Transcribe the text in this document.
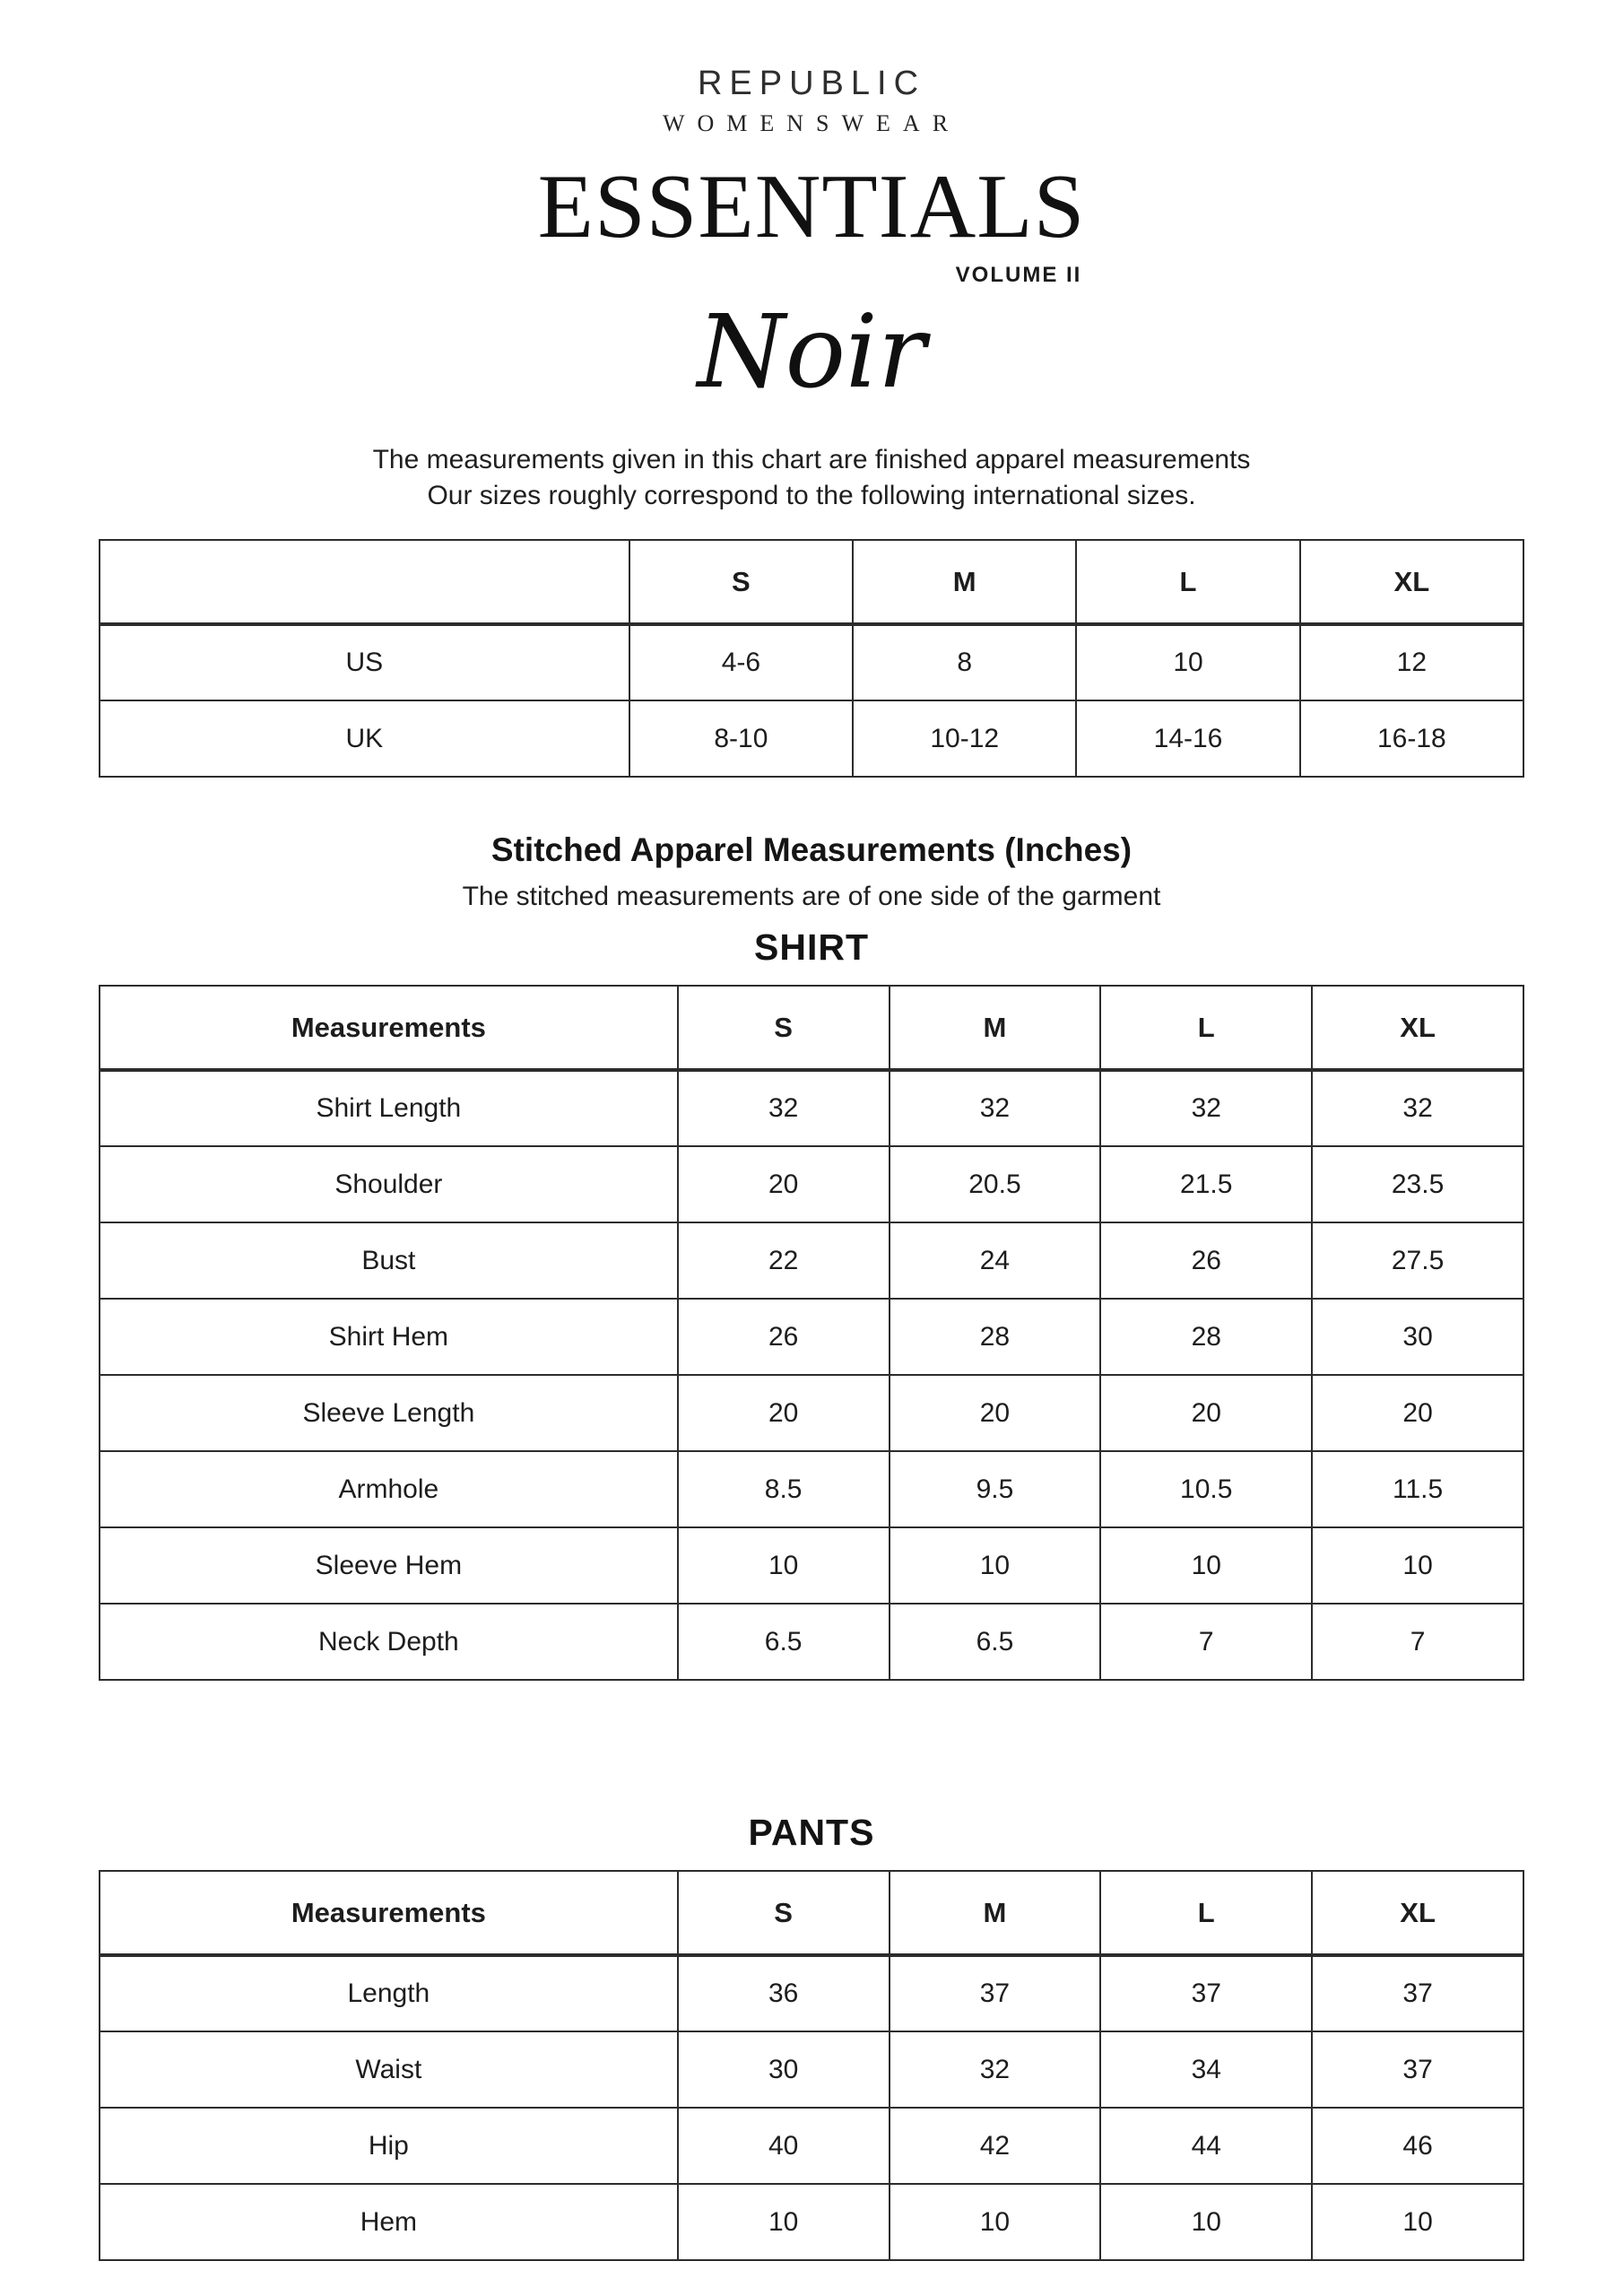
REPUBLIC
WOMENSWEAR
ESSENTIALS
VOLUME II
Noir

The measurements given in this chart are finished apparel measurements
Our sizes roughly correspond to the following international sizes.

	S	M	L	XL
US	4-6	8	10	12
UK	8-10	10-12	14-16	16-18
Stitched Apparel Measurements (Inches)

The stitched measurements are of one side of the garment

SHIRT
Measurements	S	M	L	XL
Shirt Length	32	32	32	32
Shoulder	20	20.5	21.5	23.5
Bust	22	24	26	27.5
Shirt Hem	26	28	28	30
Sleeve Length	20	20	20	20
Armhole	8.5	9.5	10.5	11.5
Sleeve Hem	10	10	10	10
Neck Depth	6.5	6.5	7	7
PANTS
Measurements	S	M	L	XL
Length	36	37	37	37
Waist	30	32	34	37
Hip	40	42	44	46
Hem	10	10	10	10
